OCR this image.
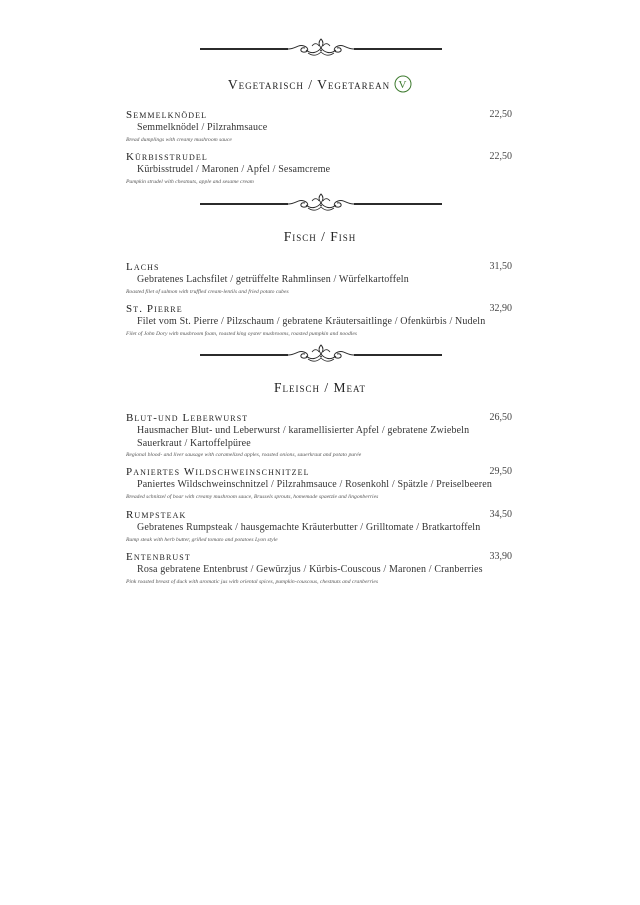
Vegetarisch / Vegetarean V
Semmelknödel	22,50
Semmelknödel / Pilzrahmsauce
Bread dumplings with creamy mushroom sauce
Kürbisstrudel	22,50
Kürbisstrudel / Maronen / Apfel / Sesamcreme
Pumpkin strudel with chestnuts, apple and sesame cream
Fisch / Fish
Lachs	31,50
Gebratenes Lachsfilet / getrüffelte Rahmlinsen / Würfelkartoffeln
Roasted filet of salmon with truffled cream-lentils and fried potato cubes
St. Pierre	32,90
Filet vom St. Pierre / Pilzschaum / gebratene Kräutersaitlinge / Ofenkürbis / Nudeln
Filet of John Dory with mushroom foam, roasted king oyster mushrooms, roasted pumpkin and noodles
Fleisch / Meat
Blut-und Leberwurst	26,50
Hausmacher Blut- und Leberwurst / karamellisierter Apfel / gebratene Zwiebeln
Sauerkraut / Kartoffelpüree
Regional blood- and liver sausage with caramelized apples, roasted onions, sauerkraut and potato purée
Paniertes Wildschweinschnitzel	29,50
Paniertes Wildschweinschnitzel / Pilzrahmsauce / Rosenkohl / Spätzle / Preiselbeeren
Breaded schnitzel of boar with creamy mushroom sauce, Brussels sprouts, homemade spaetzle and lingonberries
Rumpsteak	34,50
Gebratenes Rumpsteak / hausgemachte Kräuterbutter / Grilltomate / Bratkartoffeln
Rump steak with herb butter, grilled tomato and potatoes Lyon style
Entenbrust	33,90
Rosa gebratene Entenbrust / Gewürzjus / Kürbis-Couscous / Maronen / Cranberries
Pink roasted breast of duck with aromatic jus with oriental spices, pumpkin-couscous, chestnuts and cranberries
